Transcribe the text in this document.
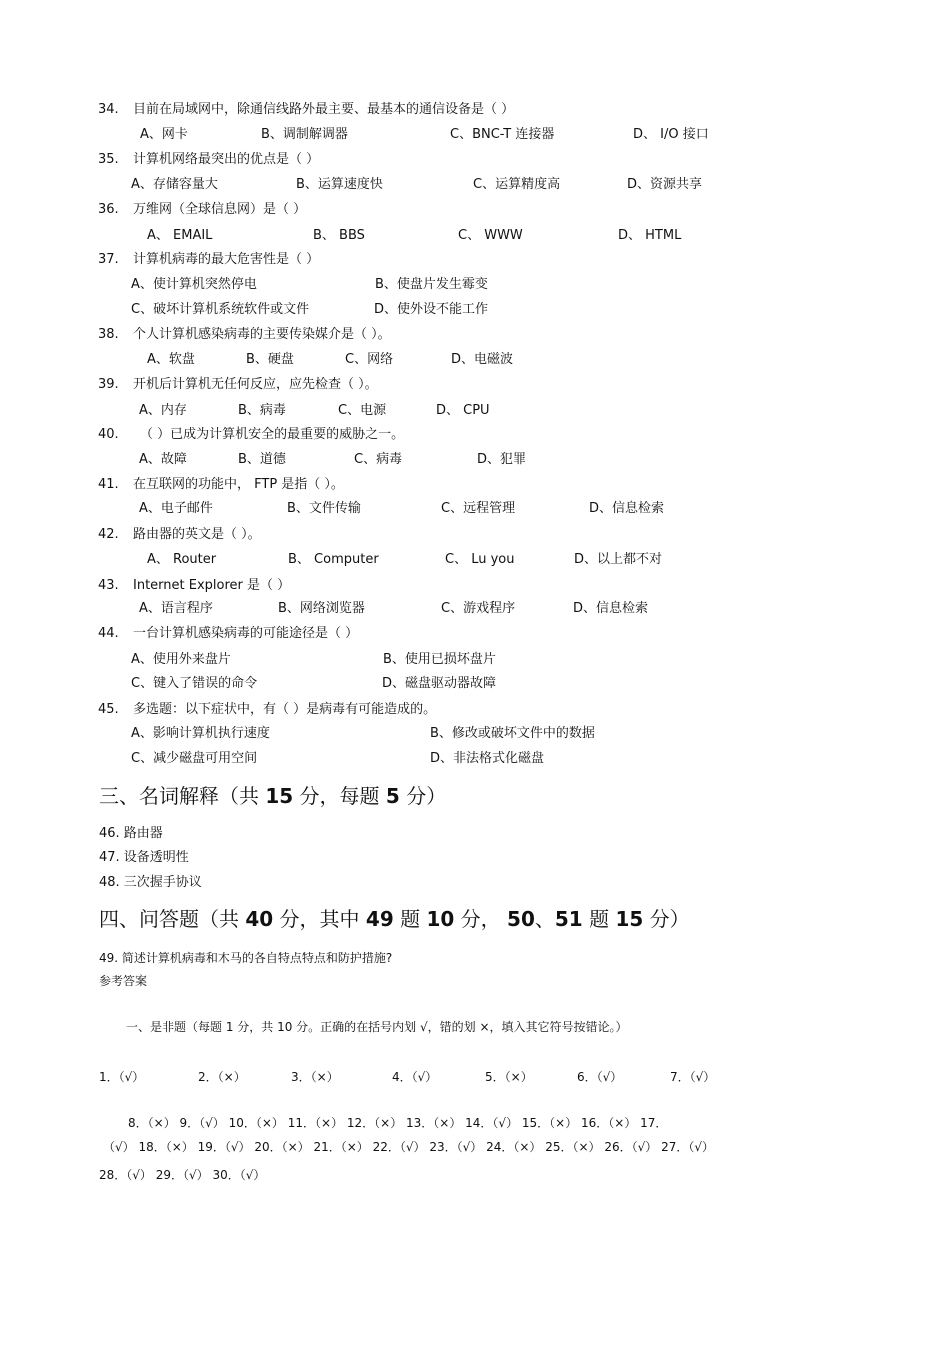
34. 目前在局域网中，除通信线路外最主要、最基本的通信设备是（ ）
A、网卡	B、调制解调器	C、BNC-T 连接器	D、 I/O 接口
35. 计算机网络最突出的优点是（ ）
A、存储容量大	B、运算速度快	C、运算精度高	D、资源共享
36. 万维网（全球信息网）是（ ）
A、 EMAIL	B、 BBS	C、 WWW	D、 HTML
37. 计算机病毒的最大危害性是（ ）
A、使计算机突然停电	B、使盘片发生霉变
C、破坏计算机系统软件或文件	D、使外设不能工作
38. 个人计算机感染病毒的主要传染媒介是（ ）。
A、软盘	B、硬盘	C、网络	D、电磁波
39. 开机后计算机无任何反应，应先检查（ ）。
A、内存	B、病毒	C、电源	D、 CPU
40. （ ）已成为计算机安全的最重要的威胁之一。
A、故障	B、道德	C、病毒	D、犯罪
41. 在互联网的功能中， FTP 是指（ ）。
A、电子邮件	B、文件传输	C、远程管理	D、信息检索
42. 路由器的英文是（ ）。
A、 Router	B、 Computer	C、 Lu you	D、以上都不对
43. Internet Explorer 是（ ）
A、语言程序	B、网络浏览器	C、游戏程序	D、信息检索
44. 一台计算机感染病毒的可能途径是（ ）
A、使用外来盘片	B、使用已损坏盘片
C、键入了错误的命令	D、磁盘驱动器故障
45. 多选题：以下症状中，有（ ）是病毒有可能造成的。
A、影响计算机执行速度	B、修改或破坏文件中的数据
C、减少磁盘可用空间	D、非法格式化磁盘
三、名词解释（共 15 分，每题 5 分）
46. 路由器
47. 设备透明性
48. 三次握手协议
四、问答题（共 40 分，其中 49 题 10 分， 50、51 题 15 分）
49. 简述计算机病毒和木马的各自特点特点和防护措施?
参考答案
一、是非题（每题 1 分，共 10 分。正确的在括号内划 √，错的划 ×，填入其它符号按错论。）
1．（√）	2．（×）	3．（×）	4．（√）	5．（×）	6．（√）	7．（√）
8．（×） 9．（√） 10．（×） 11．（×） 12．（×） 13．（×） 14．（√） 15．（×） 16．（×） 17．
（√） 18．（×） 19．（√） 20．（×） 21．（×） 22．（√） 23．（√） 24．（×） 25．（×） 26．（√） 27．（√）
28．（√） 29．（√） 30．（√）
